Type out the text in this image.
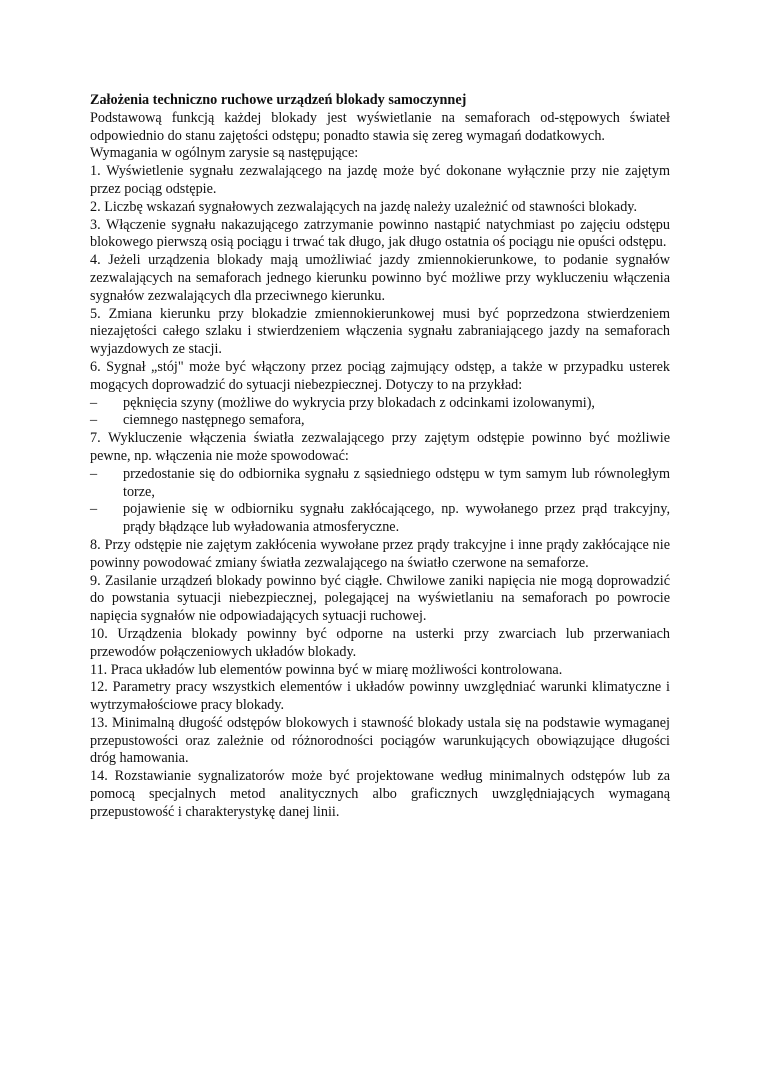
Założenia techniczno ruchowe urządzeń blokady samoczynnej

Podstawową funkcją każdej blokady jest wyświetlanie na semaforach od-stępowych świateł odpowiednio do stanu zajętości odstępu; ponadto stawia się zereg wymagań dodatkowych.

Wymagania w ogólnym zarysie są następujące:

1. Wyświetlenie sygnału zezwalającego na jazdę może być dokonane wyłącznie przy nie zajętym przez pociąg odstępie.

2. Liczbę wskazań sygnałowych zezwalających na jazdę należy uzależnić od stawności blokady.

3. Włączenie sygnału nakazującego zatrzymanie powinno nastąpić natychmiast po zajęciu odstępu blokowego pierwszą osią pociągu i trwać tak długo, jak długo ostatnia oś pociągu nie opuści odstępu.

4. Jeżeli urządzenia blokady mają umożliwiać jazdy zmiennokierunkowe, to podanie sygnałów zezwalających na semaforach jednego kierunku powinno być możliwe przy wykluczeniu włączenia sygnałów zezwalających dla przeciwnego kierunku.

5. Zmiana kierunku przy blokadzie zmiennokierunkowej musi być poprzedzona stwierdzeniem niezajętości całego szlaku i stwierdzeniem włączenia sygnału zabraniającego jazdy na semaforach wyjazdowych ze stacji.

6. Sygnał „stój" może być włączony przez pociąg zajmujący odstęp, a także w przypadku usterek mogących doprowadzić do sytuacji niebezpiecznej. Dotyczy to na przykład:

– pęknięcia szyny (możliwe do wykrycia przy blokadach z odcinkami izolowanymi),
– ciemnego następnego semafora,

7. Wykluczenie włączenia światła zezwalającego przy zajętym odstępie powinno być możliwie pewne, np. włączenia nie może spowodować:

– przedostanie się do odbiornika sygnału z sąsiedniego odstępu w tym samym lub równoległym torze,
– pojawienie się w odbiorniku sygnału zakłócającego, np. wywołanego przez prąd trakcyjny, prądy błądzące lub wyładowania atmosferyczne.

8. Przy odstępie nie zajętym zakłócenia wywołane przez prądy trakcyjne i inne prądy zakłócające nie powinny powodować zmiany światła zezwalającego na światło czerwone na semaforze.

9. Zasilanie urządzeń blokady powinno być ciągłe. Chwilowe zaniki napięcia nie mogą doprowadzić do powstania sytuacji niebezpiecznej, polegającej na wyświetlaniu na semaforach po powrocie napięcia sygnałów nie odpowiadających sytuacji ruchowej.

10. Urządzenia blokady powinny być odporne na usterki przy zwarciach lub przerwaniach przewodów połączeniowych układów blokady.

11. Praca układów lub elementów powinna być w miarę możliwości kontrolowana.

12. Parametry pracy wszystkich elementów i układów powinny uwzględniać warunki klimatyczne i wytrzymałościowe pracy blokady.

13. Minimalną długość odstępów blokowych i stawność blokady ustala się na podstawie wymaganej przepustowości oraz zależnie od różnorodności pociągów warunkujących obowiązujące długości dróg hamowania.

14. Rozstawianie sygnalizatorów może być projektowane według minimalnych odstępów lub za pomocą specjalnych metod analitycznych albo graficznych uwzględniających wymaganą przepustowość i charakterystykę danej linii.
